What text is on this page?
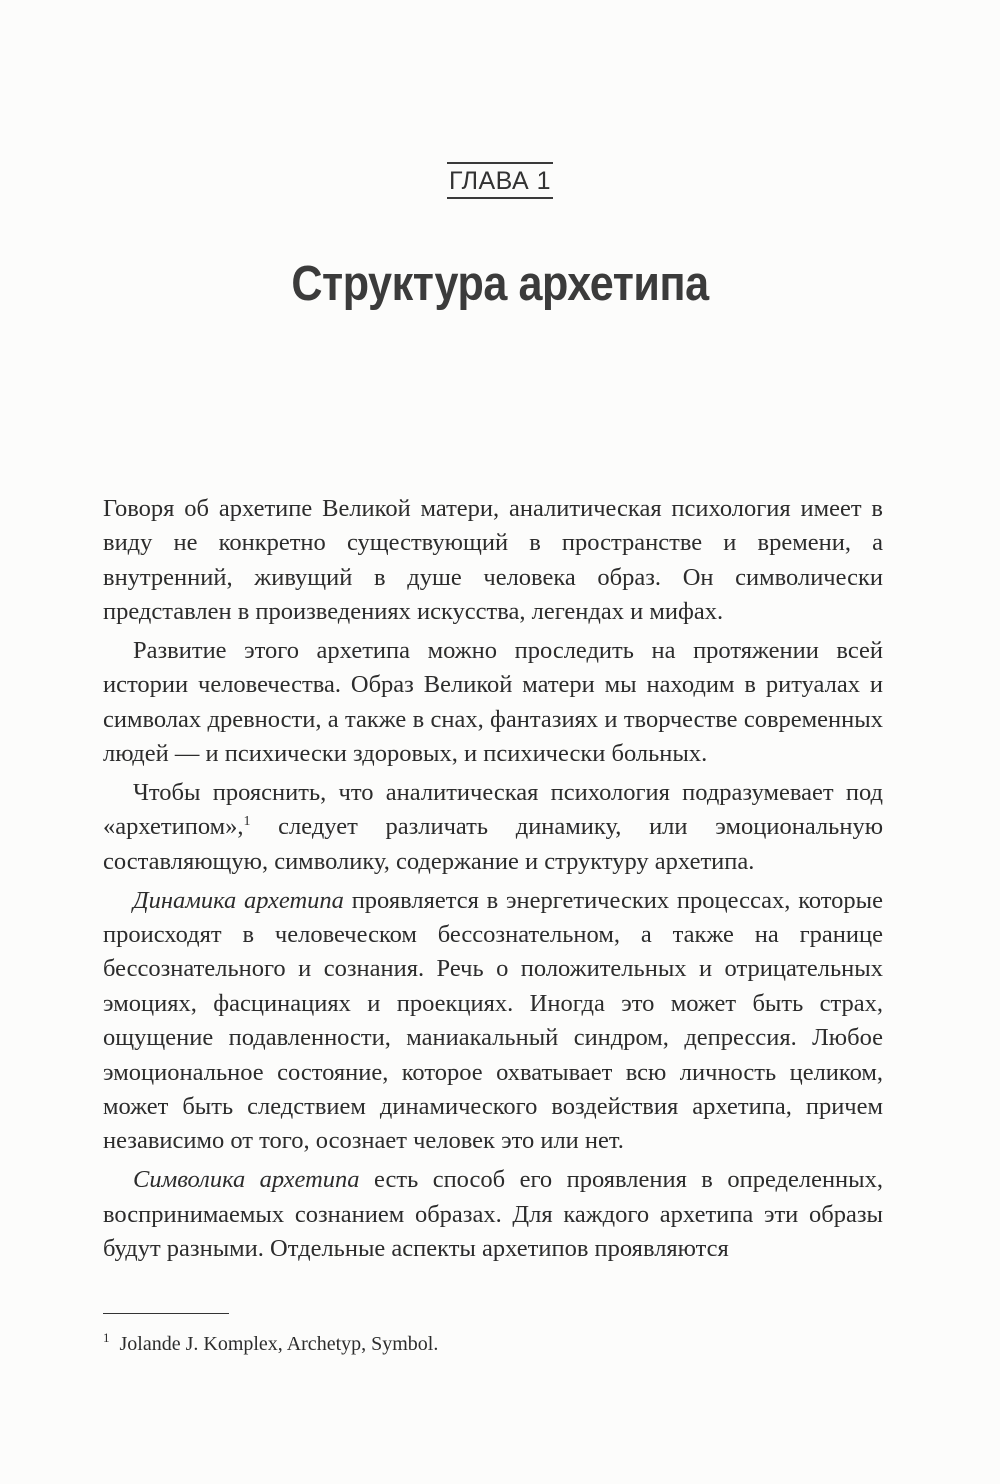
ГЛАВА 1
Структура архетипа

Говоря об архетипе Великой матери, аналитическая психология имеет в виду не конкретно существующий в пространстве и времени, а внутренний, живущий в душе человека образ. Он символически представлен в произведениях искусства, легендах и мифах.

Развитие этого архетипа можно проследить на протяжении всей истории человечества. Образ Великой матери мы находим в ритуалах и символах древности, а также в снах, фантазиях и творчестве современных людей — и психически здоровых, и психически больных.

Чтобы прояснить, что аналитическая психология подразумевает под «архетипом»,$^1$ следует различать динамику, или эмоциональную составляющую, символику, содержание и структуру архетипа.

Динамика архетипа проявляется в энергетических процессах, которые происходят в человеческом бессознательном, а также на границе бессознательного и сознания. Речь о положительных и отрицательных эмоциях, фасцинациях и проекциях. Иногда это может быть страх, ощущение подавленности, маниакальный синдром, депрессия. Любое эмоциональное состояние, которое охватывает всю личность целиком, может быть следствием динамического воздействия архетипа, причем независимо от того, осознает человек это или нет.

Символика архетипа есть способ его проявления в определенных, воспринимаемых сознанием образах. Для каждого архетипа эти образы будут разными. Отдельные аспекты архетипов проявляются

$^1$ Jolande J. Komplex, Archetyp, Symbol.
